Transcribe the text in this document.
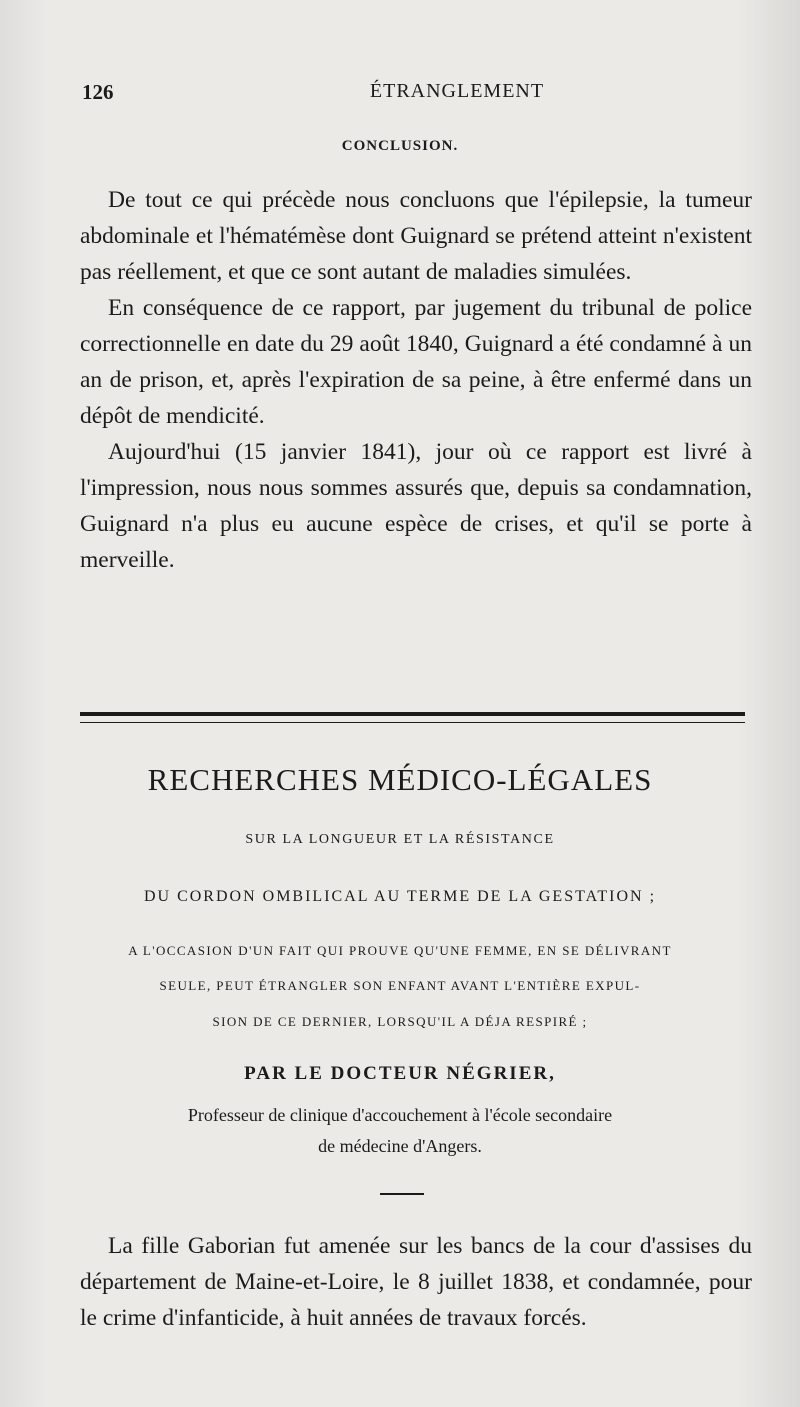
126	ÉTRANGLEMENT
CONCLUSION.

De tout ce qui précède nous concluons que l'épilepsie, la tumeur abdominale et l'hématémèse dont Guignard se prétend atteint n'existent pas réellement, et que ce sont autant de maladies simulées.

En conséquence de ce rapport, par jugement du tribunal de police correctionnelle en date du 29 août 1840, Guignard a été condamné à un an de prison, et, après l'expiration de sa peine, à être enfermé dans un dépôt de mendicité.

Aujourd'hui (15 janvier 1841), jour où ce rapport est livré à l'impression, nous nous sommes assurés que, depuis sa condamnation, Guignard n'a plus eu aucune espèce de crises, et qu'il se porte à merveille.

RECHERCHES MÉDICO-LÉGALES
SUR LA LONGUEUR ET LA RÉSISTANCE
DU CORDON OMBILICAL AU TERME DE LA GESTATION ;
A L'OCCASION D'UN FAIT QUI PROUVE QU'UNE FEMME, EN SE DÉLIVRANT
SEULE, PEUT ÉTRANGLER SON ENFANT AVANT L'ENTIÈRE EXPUL-
SION DE CE DERNIER, LORSQU'IL A DÉJA RESPIRÉ ;
PAR LE DOCTEUR NÉGRIER,
Professeur de clinique d'accouchement à l'école secondaire
de médecine d'Angers.

La fille Gaborian fut amenée sur les bancs de la cour d'assises du département de Maine-et-Loire, le 8 juillet 1838, et condamnée, pour le crime d'infanticide, à huit années de travaux forcés.
